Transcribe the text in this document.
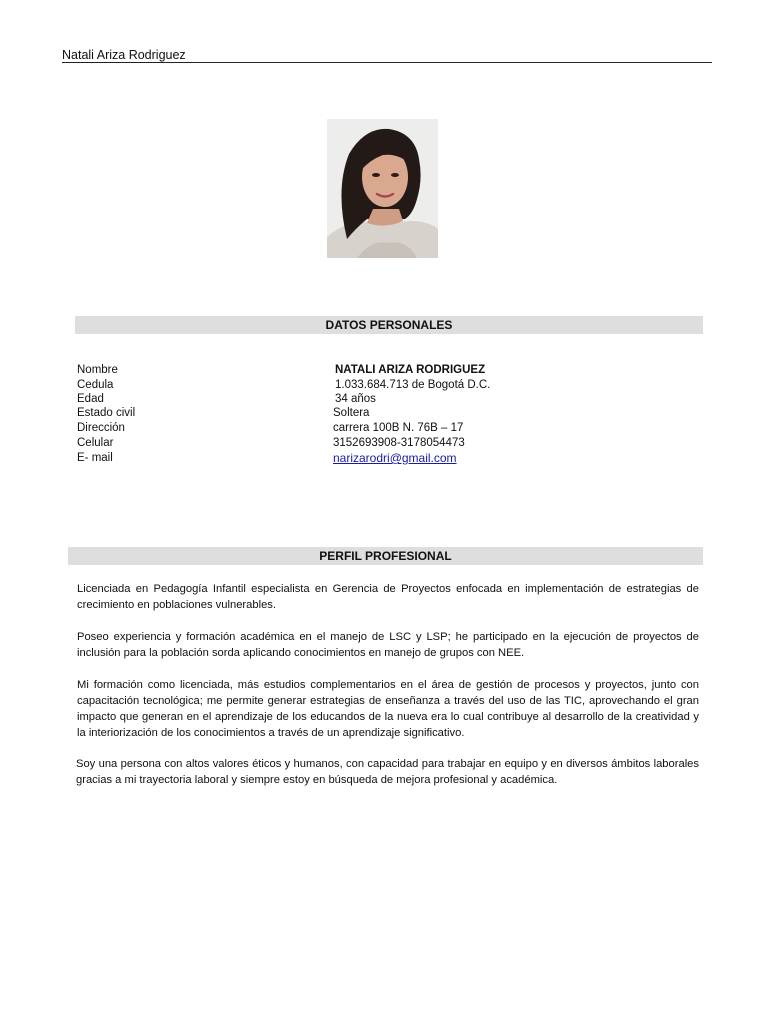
Natali Ariza Rodriguez
DATOS PERSONALES
Nombre	NATALI ARIZA RODRIGUEZ
Cedula	1.033.684.713 de Bogotá D.C.
Edad	34 años
Estado civil	Soltera
Dirección	carrera 100B N. 76B – 17
Celular	3152693908-3178054473
E- mail	narizarodri@gmail.com
PERFIL PROFESIONAL
Licenciada en Pedagogía Infantil especialista en Gerencia de Proyectos enfocada en implementación de estrategias de crecimiento en poblaciones vulnerables.
Poseo experiencia y formación académica en el manejo de LSC y LSP; he participado en la ejecución de proyectos de inclusión para la población sorda aplicando conocimientos en manejo de grupos con NEE.
Mi formación como licenciada, más estudios complementarios en el área de gestión de procesos y proyectos, junto con capacitación tecnológica; me permite generar estrategias de enseñanza a través del uso de las TIC, aprovechando el gran impacto que generan en el aprendizaje de los educandos de la nueva era lo cual contribuye al desarrollo de la creatividad y la interiorización de los conocimientos a través de un aprendizaje significativo.
Soy una persona con altos valores éticos y humanos, con capacidad para trabajar en equipo y en diversos ámbitos laborales gracias a mi trayectoria laboral y siempre estoy en búsqueda de mejora profesional y académica.
